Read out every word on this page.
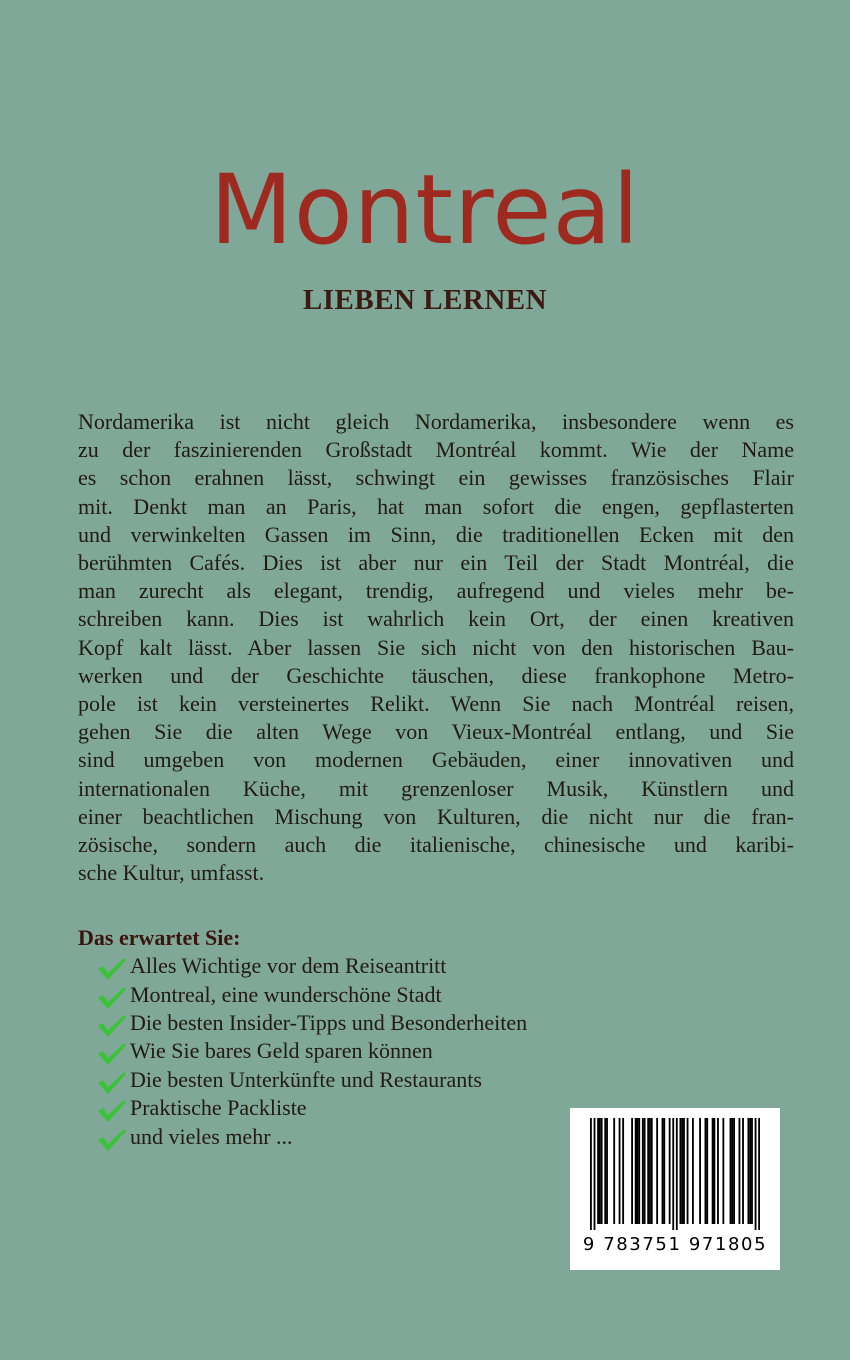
Montreal
LIEBEN LERNEN
Nordamerika ist nicht gleich Nordamerika, insbesondere wenn es
zu der faszinierenden Großstadt Montréal kommt. Wie der Name
es schon erahnen lässt, schwingt ein gewisses französisches Flair
mit. Denkt man an Paris, hat man sofort die engen, gepflasterten
und verwinkelten Gassen im Sinn, die traditionellen Ecken mit den
berühmten Cafés. Dies ist aber nur ein Teil der Stadt Montréal, die
man zurecht als elegant, trendig, aufregend und vieles mehr be-
schreiben kann. Dies ist wahrlich kein Ort, der einen kreativen
Kopf kalt lässt. Aber lassen Sie sich nicht von den historischen Bau-
werken und der Geschichte täuschen, diese frankophone Metro-
pole ist kein versteinertes Relikt. Wenn Sie nach Montréal reisen,
gehen Sie die alten Wege von Vieux-Montréal entlang, und Sie
sind umgeben von modernen Gebäuden, einer innovativen und
internationalen Küche, mit grenzenloser Musik, Künstlern und
einer beachtlichen Mischung von Kulturen, die nicht nur die fran-
zösische, sondern auch die italienische, chinesische und karibi-
sche Kultur, umfasst.
Das erwartet Sie:
Alles Wichtige vor dem Reiseantritt
Montreal, eine wunderschöne Stadt
Die besten Insider-Tipps und Besonderheiten
Wie Sie bares Geld sparen können
Die besten Unterkünfte und Restaurants
Praktische Packliste
und vieles mehr ...
9 783751 971805
